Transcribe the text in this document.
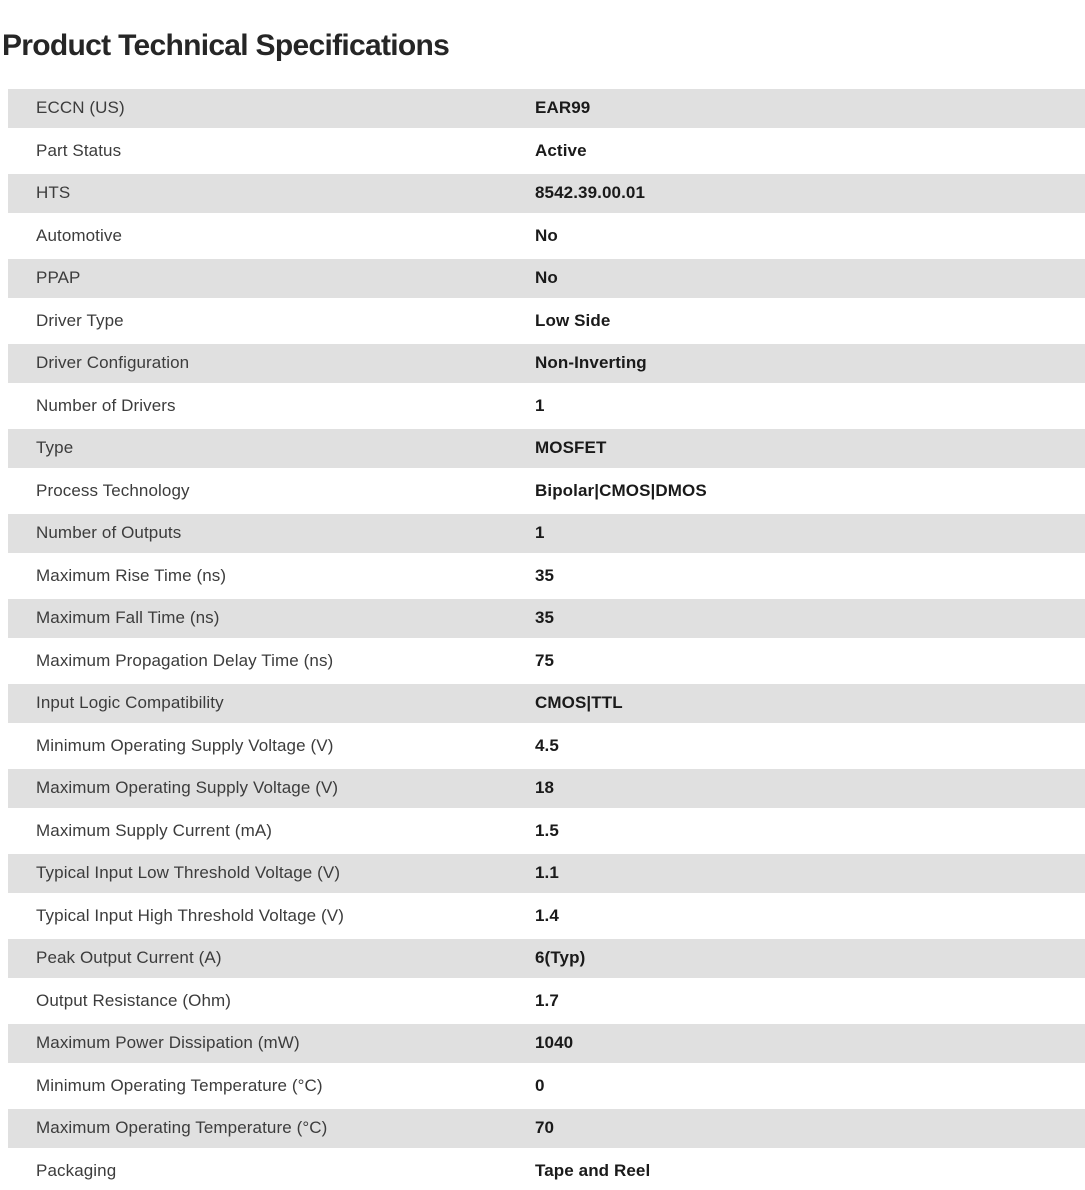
Product Technical Specifications
ECCN (US)	EAR99
Part Status	Active
HTS	8542.39.00.01
Automotive	No
PPAP	No
Driver Type	Low Side
Driver Configuration	Non-Inverting
Number of Drivers	1
Type	MOSFET
Process Technology	Bipolar|CMOS|DMOS
Number of Outputs	1
Maximum Rise Time (ns)	35
Maximum Fall Time (ns)	35
Maximum Propagation Delay Time (ns)	75
Input Logic Compatibility	CMOS|TTL
Minimum Operating Supply Voltage (V)	4.5
Maximum Operating Supply Voltage (V)	18
Maximum Supply Current (mA)	1.5
Typical Input Low Threshold Voltage (V)	1.1
Typical Input High Threshold Voltage (V)	1.4
Peak Output Current (A)	6(Typ)
Output Resistance (Ohm)	1.7
Maximum Power Dissipation (mW)	1040
Minimum Operating Temperature (°C)	0
Maximum Operating Temperature (°C)	70
Packaging	Tape and Reel
